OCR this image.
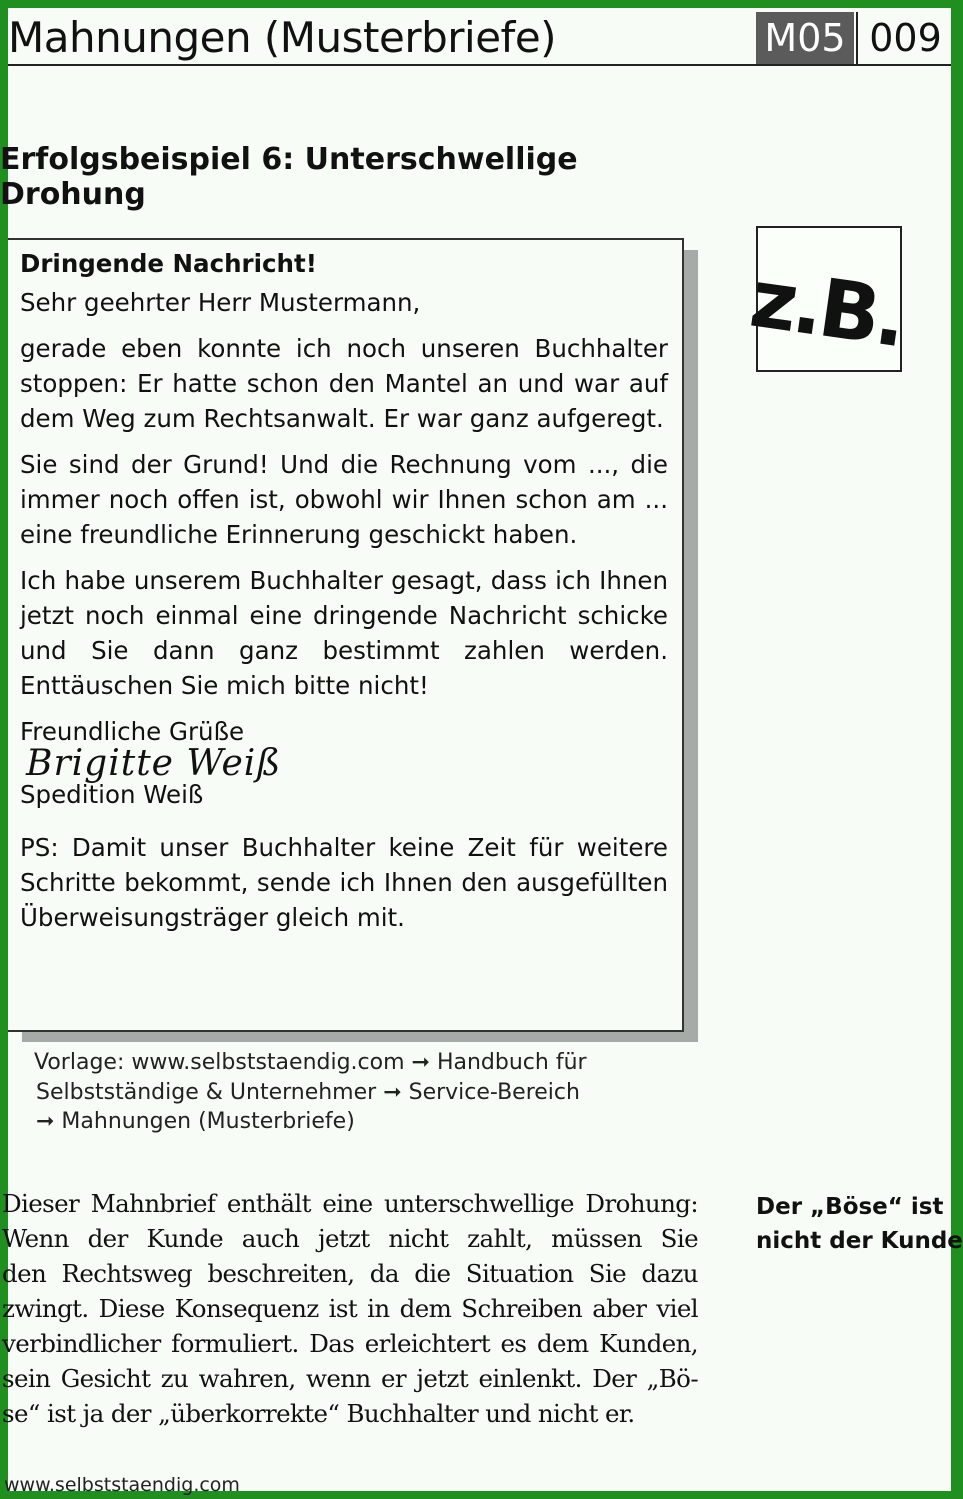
Mahnungen (Musterbriefe)	M05 009
Erfolgsbeispiel 6: Unterschwellige Drohung

Dringende Nachricht!

Sehr geehrter Herr Mustermann,

gerade eben konnte ich noch unseren Buchhalter stoppen: Er hatte schon den Mantel an und war auf dem Weg zum Rechtsanwalt. Er war ganz aufgeregt.

Sie sind der Grund! Und die Rechnung vom ..., die immer noch offen ist, obwohl wir Ihnen schon am ... eine freundliche Erinnerung geschickt haben.

Ich habe unserem Buchhalter gesagt, dass ich Ihnen jetzt noch einmal eine dringende Nachricht schicke und Sie dann ganz bestimmt zahlen werden. Enttäuschen Sie mich bitte nicht!

Freundliche Grüße

Brigitte Weiß

Spedition Weiß

PS: Damit unser Buchhalter keine Zeit für weitere Schritte bekommt, sende ich Ihnen den ausgefüllten Überweisungsträger gleich mit.

z.B.
Vorlage: www.selbststaendig.com ➞ Handbuch für
Selbstständige & Unternehmer ➞ Service-Bereich
➞ Mahnungen (Musterbriefe)
Dieser Mahnbrief enthält eine unterschwellige Drohung:
Wenn der Kunde auch jetzt nicht zahlt, müssen Sie
den Rechtsweg beschreiten, da die Situation Sie dazu
zwingt. Diese Konsequenz ist in dem Schreiben aber viel
verbindlicher formuliert. Das erleichtert es dem Kunden,
sein Gesicht zu wahren, wenn er jetzt einlenkt. Der „Bö-
se“ ist ja der „überkorrekte“ Buchhalter und nicht er.
Der „Böse“ ist
nicht der Kunde
www.selbststaendig.com
